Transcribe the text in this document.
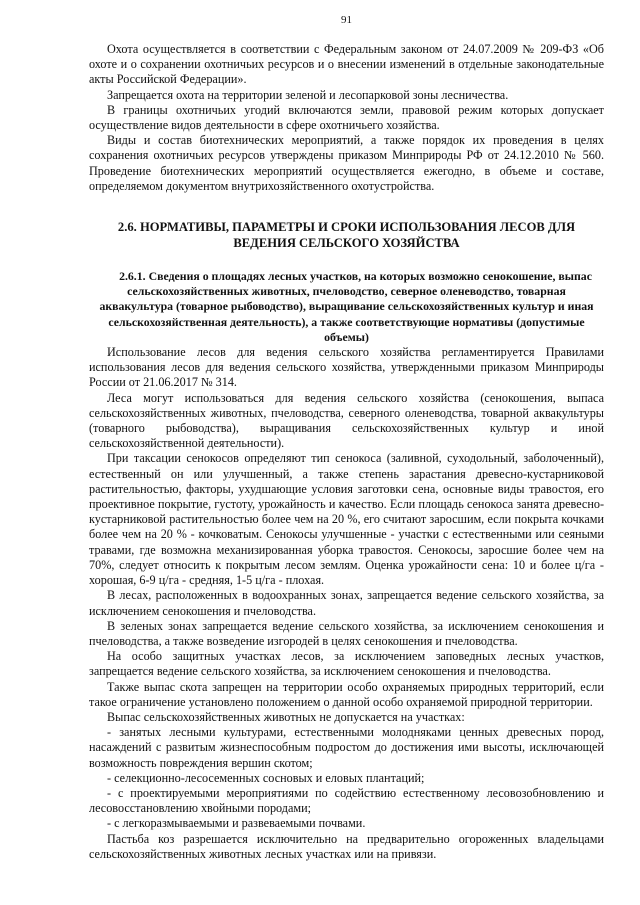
91

Охота осуществляется в соответствии с Федеральным законом от 24.07.2009 № 209-ФЗ «Об охоте и о сохранении охотничьих ресурсов и о внесении изменений в отдельные законодательные акты Российской Федерации».

Запрещается охота на территории зеленой и лесопарковой зоны лесничества.

В границы охотничьих угодий включаются земли, правовой режим которых допускает осуществление видов деятельности в сфере охотничьего хозяйства.

Виды и состав биотехнических мероприятий, а также порядок их проведения в целях сохранения охотничьих ресурсов утверждены приказом Минприроды РФ от 24.12.2010 № 560. Проведение биотехнических мероприятий осуществляется ежегодно, в объеме и составе, определяемом документом внутрихозяйственного охотустройства.

2.6. НОРМАТИВЫ, ПАРАМЕТРЫ И СРОКИ ИСПОЛЬЗОВАНИЯ ЛЕСОВ ДЛЯ ВЕДЕНИЯ СЕЛЬСКОГО ХОЗЯЙСТВА

2.6.1. Сведения о площадях лесных участков, на которых возможно сенокошение, выпас сельскохозяйственных животных, пчеловодство, северное оленеводство, товарная аквакультура (товарное рыбоводство), выращивание сельскохозяйственных культур и иная сельскохозяйственная деятельность), а также соответствующие нормативы (допустимые объемы)

Использование лесов для ведения сельского хозяйства регламентируется Правилами использования лесов для ведения сельского хозяйства, утвержденными приказом Минприроды России от 21.06.2017 № 314.

Леса могут использоваться для ведения сельского хозяйства (сенокошения, выпаса сельскохозяйственных животных, пчеловодства, северного оленеводства, товарной аквакультуры (товарного рыбоводства), выращивания сельскохозяйственных культур и иной сельскохозяйственной деятельности).

При таксации сенокосов определяют тип сенокоса (заливной, суходольный, заболоченный), естественный он или улучшенный, а также степень зарастания древесно-кустарниковой растительностью, факторы, ухудшающие условия заготовки сена, основные виды травостоя, его проективное покрытие, густоту, урожайность и качество. Если площадь сенокоса занята древесно-кустарниковой растительностью более чем на 20 %, его считают заросшим, если покрыта кочками более чем на 20 % - кочковатым. Сенокосы улучшенные - участки с естественными или сеяными травами, где возможна механизированная уборка травостоя. Сенокосы, заросшие более чем на 70%, следует относить к покрытым лесом землям. Оценка урожайности сена: 10 и более ц/га - хорошая, 6-9 ц/га - средняя, 1-5 ц/га - плохая.

В лесах, расположенных в водоохранных зонах, запрещается ведение сельского хозяйства, за исключением сенокошения и пчеловодства.

В зеленых зонах запрещается ведение сельского хозяйства, за исключением сенокошения и пчеловодства, а также возведение изгородей в целях сенокошения и пчеловодства.

На особо защитных участках лесов, за исключением заповедных лесных участков, запрещается ведение сельского хозяйства, за исключением сенокошения и пчеловодства.

Также выпас скота запрещен на территории особо охраняемых природных территорий, если такое ограничение установлено положением о данной особо охраняемой природной территории.

Выпас сельскохозяйственных животных не допускается на участках:

- занятых лесными культурами, естественными молодняками ценных древесных пород, насаждений с развитым жизнеспособным подростом до достижения ими высоты, исключающей возможность повреждения вершин скотом;

- селекционно-лесосеменных сосновых и еловых плантаций;

- с проектируемыми мероприятиями по содействию естественному лесовозобновлению и лесовосстановлению хвойными породами;

- с легкоразмываемыми и развеваемыми почвами.

Пастьба коз разрешается исключительно на предварительно огороженных владельцами сельскохозяйственных животных лесных участках или на привязи.
